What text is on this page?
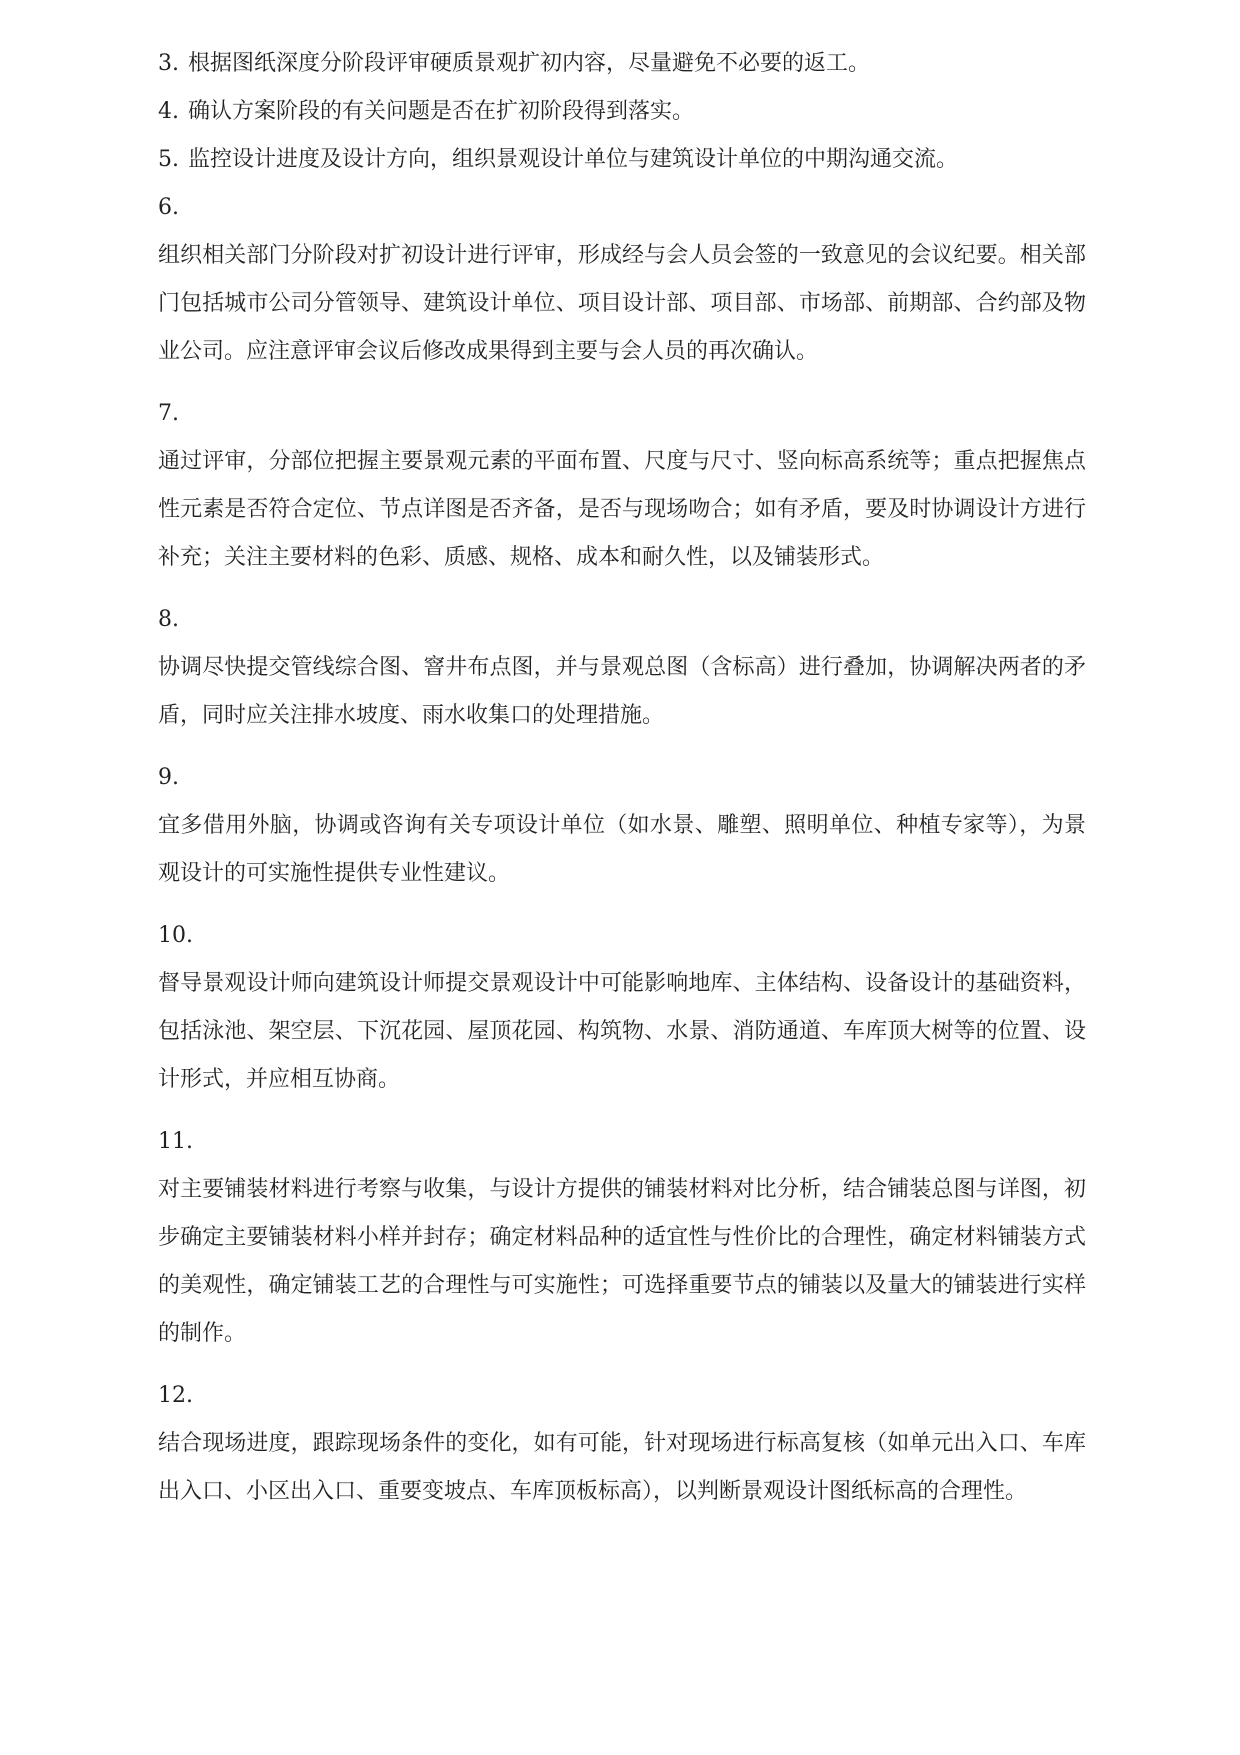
3. 根据图纸深度分阶段评审硬质景观扩初内容，尽量避免不必要的返工。
4. 确认方案阶段的有关问题是否在扩初阶段得到落实。
5. 监控设计进度及设计方向，组织景观设计单位与建筑设计单位的中期沟通交流。
6.
组织相关部门分阶段对扩初设计进行评审，形成经与会人员会签的一致意见的会议纪要。相关部门包括城市公司分管领导、建筑设计单位、项目设计部、项目部、市场部、前期部、合约部及物业公司。应注意评审会议后修改成果得到主要与会人员的再次确认。
7.
通过评审，分部位把握主要景观元素的平面布置、尺度与尺寸、竖向标高系统等；重点把握焦点性元素是否符合定位、节点详图是否齐备，是否与现场吻合；如有矛盾，要及时协调设计方进行补充；关注主要材料的色彩、质感、规格、成本和耐久性，以及铺装形式。
8.
协调尽快提交管线综合图、窨井布点图，并与景观总图（含标高）进行叠加，协调解决两者的矛盾，同时应关注排水坡度、雨水收集口的处理措施。
9.
宜多借用外脑，协调或咨询有关专项设计单位（如水景、雕塑、照明单位、种植专家等），为景观设计的可实施性提供专业性建议。
10.
督导景观设计师向建筑设计师提交景观设计中可能影响地库、主体结构、设备设计的基础资料，包括泳池、架空层、下沉花园、屋顶花园、构筑物、水景、消防通道、车库顶大树等的位置、设计形式，并应相互协商。
11.
对主要铺装材料进行考察与收集，与设计方提供的铺装材料对比分析，结合铺装总图与详图，初步确定主要铺装材料小样并封存；确定材料品种的适宜性与性价比的合理性，确定材料铺装方式的美观性，确定铺装工艺的合理性与可实施性；可选择重要节点的铺装以及量大的铺装进行实样的制作。
12.
结合现场进度，跟踪现场条件的变化，如有可能，针对现场进行标高复核（如单元出入口、车库出入口、小区出入口、重要变坡点、车库顶板标高），以判断景观设计图纸标高的合理性。
